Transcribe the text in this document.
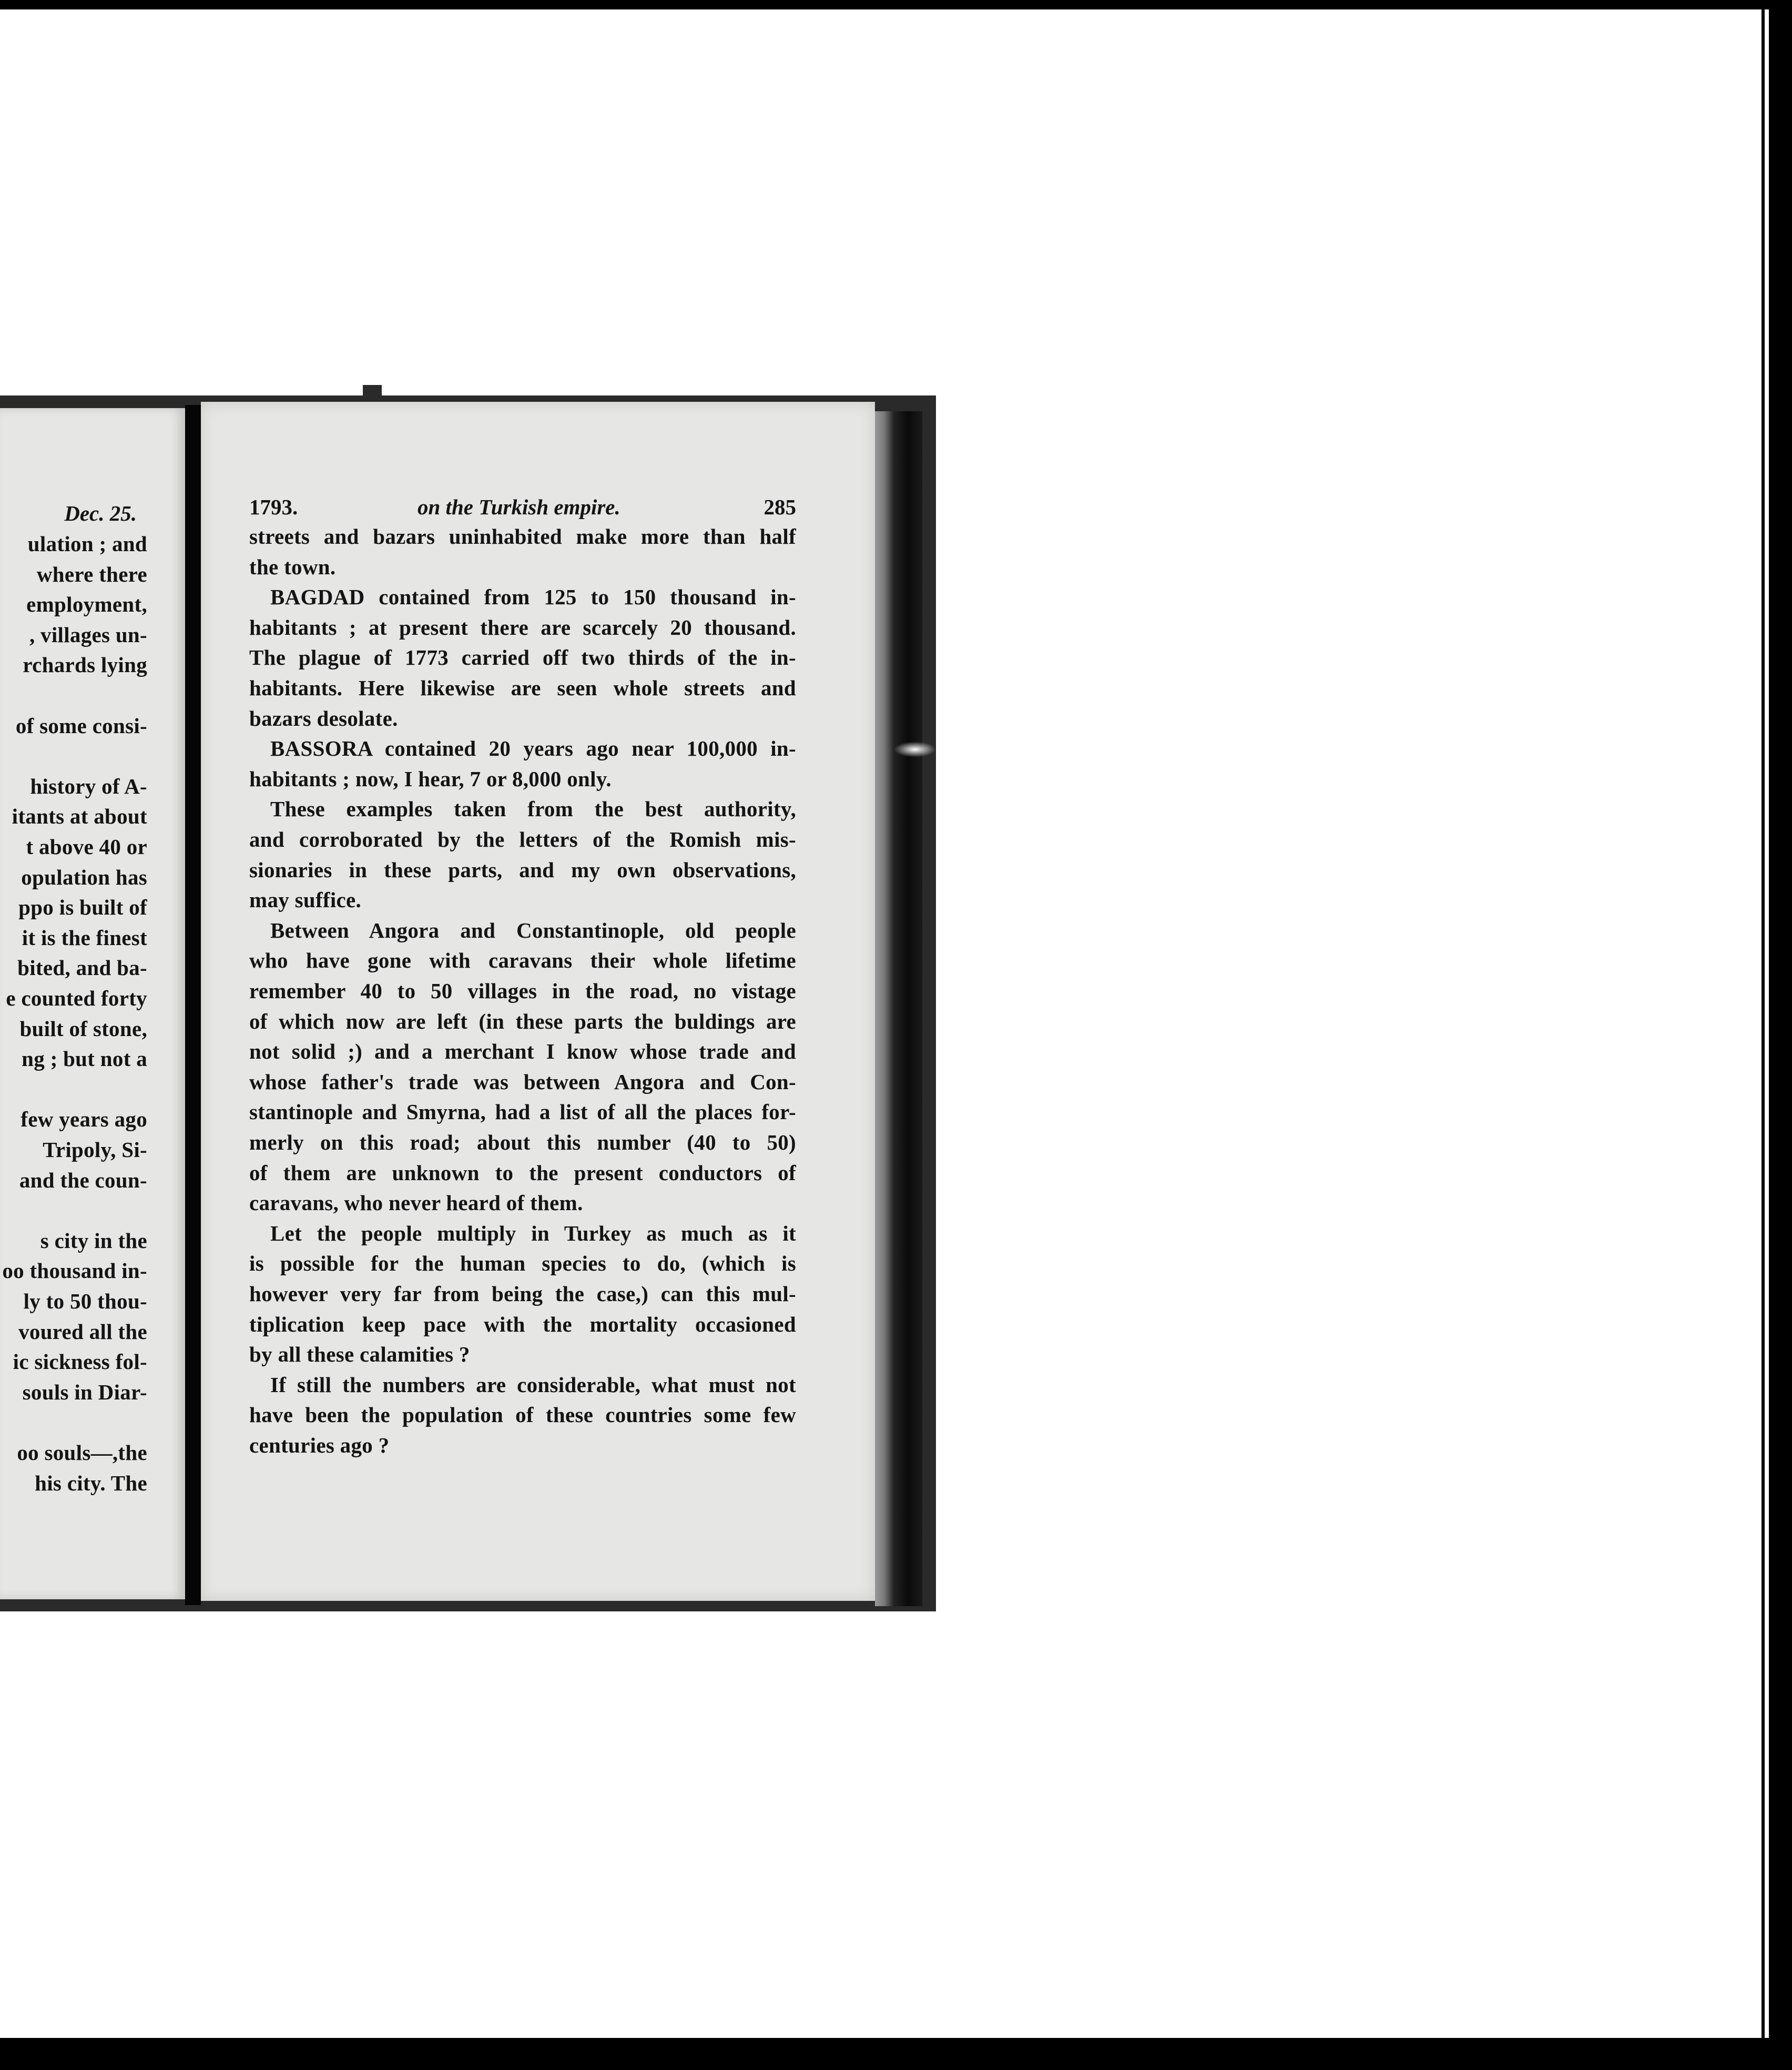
Dec. 25.
ulation ; and
where there
employment,
, villages un-
rchards lying
of some consi-
history of A-
itants at about
t above 40 or
opulation has
ppo is built of
it is the finest
bited, and ba-
e counted forty
built of stone,
ng ; but not a
few years ago
Tripoly, Si-
and the coun-
s city in the
oo thousand in-
ly to 50 thou-
voured all the
ic sickness fol-
souls in Diar-
oo souls—,the
his city. The
1793.	on the Turkish empire.	285
streets and bazars uninhabited make more than half
the town.
BAGDAD contained from 125 to 150 thousand in-
habitants ; at present there are scarcely 20 thousand.
The plague of 1773 carried off two thirds of the in-
habitants. Here likewise are seen whole streets and
bazars desolate.
BASSORA contained 20 years ago near 100,000 in-
habitants ; now, I hear, 7 or 8,000 only.
These examples taken from the best authority,
and corroborated by the letters of the Romish mis-
sionaries in these parts, and my own observations,
may suffice.
Between Angora and Constantinople, old people
who have gone with caravans their whole lifetime
remember 40 to 50 villages in the road, no vistage
of which now are left (in these parts the buldings are
not solid ;) and a merchant I know whose trade and
whose father's trade was between Angora and Con-
stantinople and Smyrna, had a list of all the places for-
merly on this road; about this number (40 to 50)
of them are unknown to the present conductors of
caravans, who never heard of them.
Let the people multiply in Turkey as much as it
is possible for the human species to do, (which is
however very far from being the case,) can this mul-
tiplication keep pace with the mortality occasioned
by all these calamities ?
If still the numbers are considerable, what must not
have been the population of these countries some few
centuries ago ?
